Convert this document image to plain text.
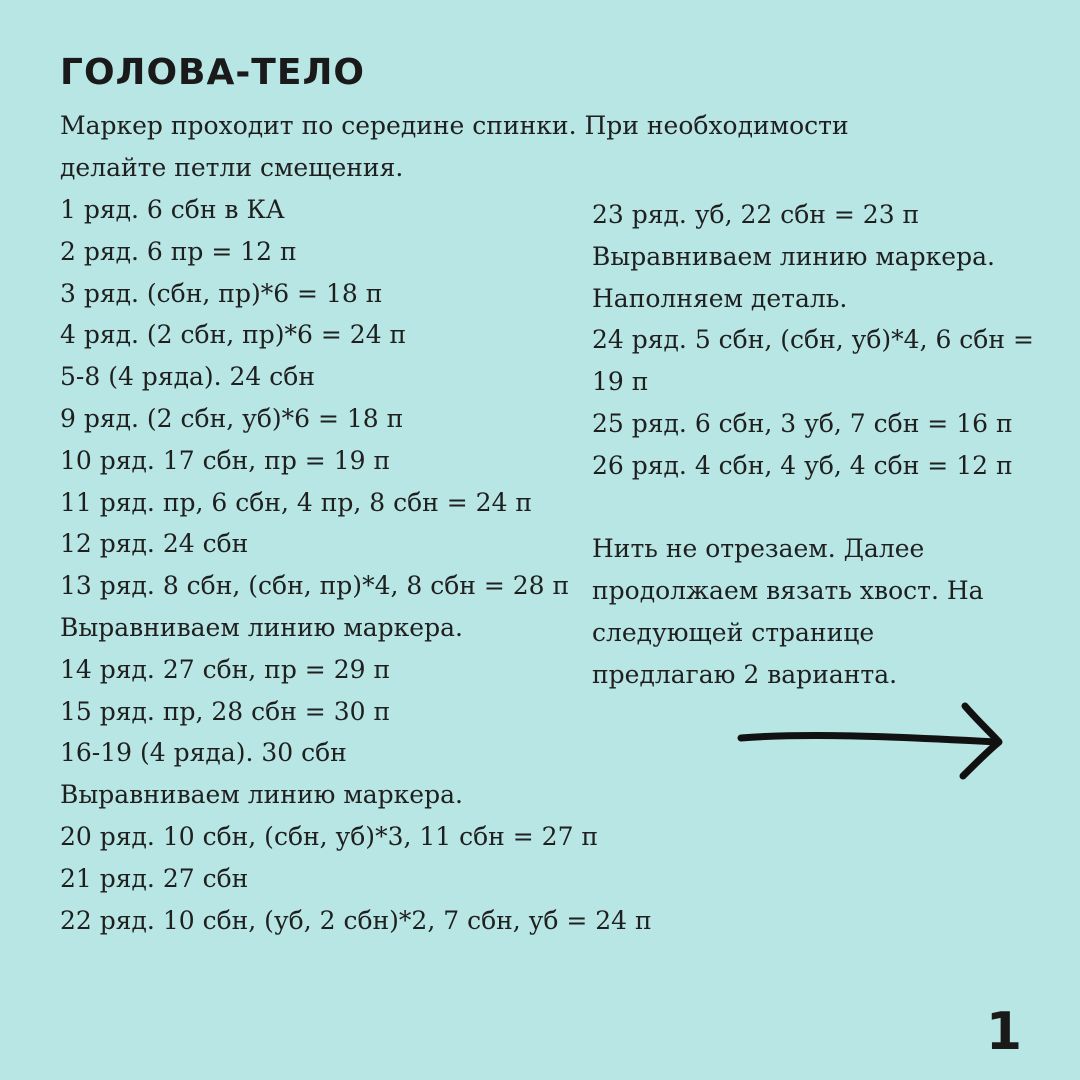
ГОЛОВА-ТЕЛО
Маркер проходит по середине спинки. При необходимости делайте петли смещения.
1 ряд. 6 сбн в КА
2 ряд. 6 пр = 12 п
3 ряд. (сбн, пр)*6 = 18 п
4 ряд. (2 сбн, пр)*6 = 24 п
5-8 (4 ряда). 24 сбн
9 ряд. (2 сбн, уб)*6 = 18 п
10 ряд. 17 сбн, пр = 19 п
11 ряд. пр, 6 сбн, 4 пр, 8 сбн = 24 п
12 ряд. 24 сбн
13 ряд. 8 сбн, (сбн, пр)*4, 8 сбн = 28 п
Выравниваем линию маркера.
14 ряд. 27 сбн, пр = 29 п
15 ряд. пр, 28 сбн = 30 п
16-19 (4 ряда). 30 сбн
Выравниваем линию маркера.
20 ряд. 10 сбн, (сбн, уб)*3, 11 сбн = 27 п
21 ряд. 27 сбн
22 ряд. 10 сбн, (уб, 2 сбн)*2, 7 сбн, уб = 24 п
23 ряд. уб, 22 сбн = 23 п
Выравниваем линию маркера.
Наполняем деталь.
24 ряд. 5 сбн, (сбн, уб)*4, 6 сбн =
19 п
25 ряд. 6 сбн, 3 уб, 7 сбн = 16 п
26 ряд. 4 сбн, 4 уб, 4 сбн = 12 п
Нить не отрезаем. Далее
продолжаем вязать хвост. На
следующей странице
предлагаю 2 варианта.
1
